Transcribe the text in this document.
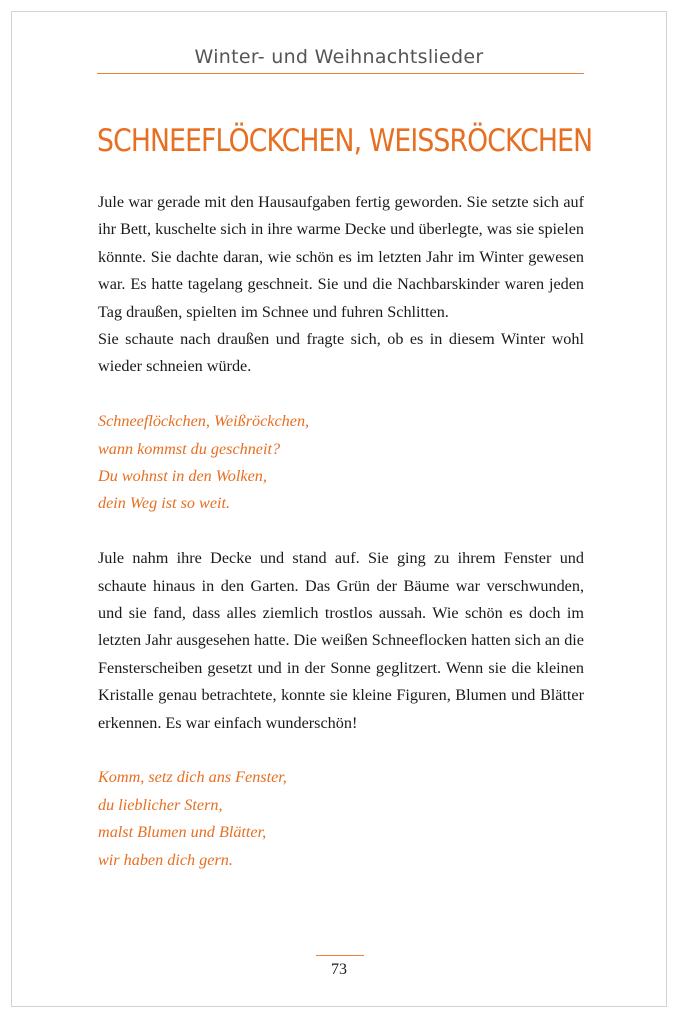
Winter- und Weihnachtslieder
SCHNEEFLÖCKCHEN, WEISSRÖCKCHEN

Jule war gerade mit den Hausaufgaben fertig geworden. Sie setzte sich auf ihr Bett, kuschelte sich in ihre warme Decke und überlegte, was sie spielen könnte. Sie dachte daran, wie schön es im letzten Jahr im Winter gewesen war. Es hatte tagelang geschneit. Sie und die Nachbarskinder waren jeden Tag draußen, spielten im Schnee und fuhren Schlitten.

Sie schaute nach draußen und fragte sich, ob es in diesem Winter wohl wieder schneien würde.

Schneeflöckchen, Weißröckchen,
wann kommst du geschneit?
Du wohnst in den Wolken,
dein Weg ist so weit.

Jule nahm ihre Decke und stand auf. Sie ging zu ihrem Fenster und schaute hinaus in den Garten. Das Grün der Bäume war verschwunden, und sie fand, dass alles ziemlich trostlos aussah. Wie schön es doch im letzten Jahr ausgesehen hatte. Die weißen Schneeflocken hatten sich an die Fensterscheiben gesetzt und in der Sonne geglitzert. Wenn sie die kleinen Kristalle genau betrachtete, konnte sie kleine Figuren, Blumen und Blätter erkennen. Es war einfach wunderschön!

Komm, setz dich ans Fenster,
du lieblicher Stern,
malst Blumen und Blätter,
wir haben dich gern.

73
